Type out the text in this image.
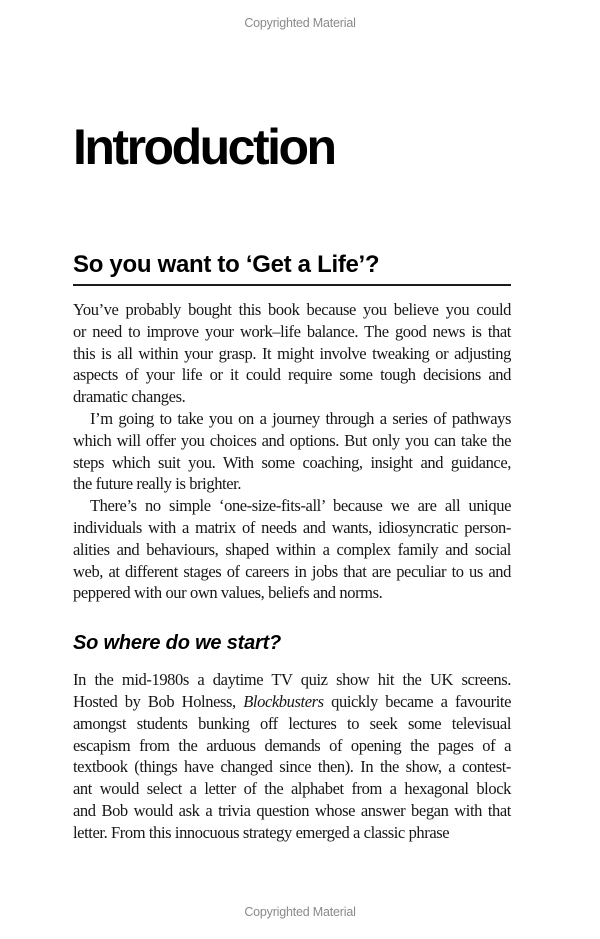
Copyrighted Material
Introduction
So you want to ‘Get a Life’?
You’ve probably bought this book because you believe you could
or need to improve your work–life balance. The good news is that
this is all within your grasp. It might involve tweaking or adjusting
aspects of your life or it could require some tough decisions and
dramatic changes.
I’m going to take you on a journey through a series of pathways
which will offer you choices and options. But only you can take the
steps which suit you. With some coaching, insight and guidance,
the future really is brighter.
There’s no simple ‘one-size-fits-all’ because we are all unique
individuals with a matrix of needs and wants, idiosyncratic person-
alities and behaviours, shaped within a complex family and social
web, at different stages of careers in jobs that are peculiar to us and
peppered with our own values, beliefs and norms.
So where do we start?
In the mid-1980s a daytime TV quiz show hit the UK screens.
Hosted by Bob Holness, Blockbusters quickly became a favourite
amongst students bunking off lectures to seek some televisual
escapism from the arduous demands of opening the pages of a
textbook (things have changed since then). In the show, a contest-
ant would select a letter of the alphabet from a hexagonal block
and Bob would ask a trivia question whose answer began with that
letter. From this innocuous strategy emerged a classic phrase
Copyrighted Material
